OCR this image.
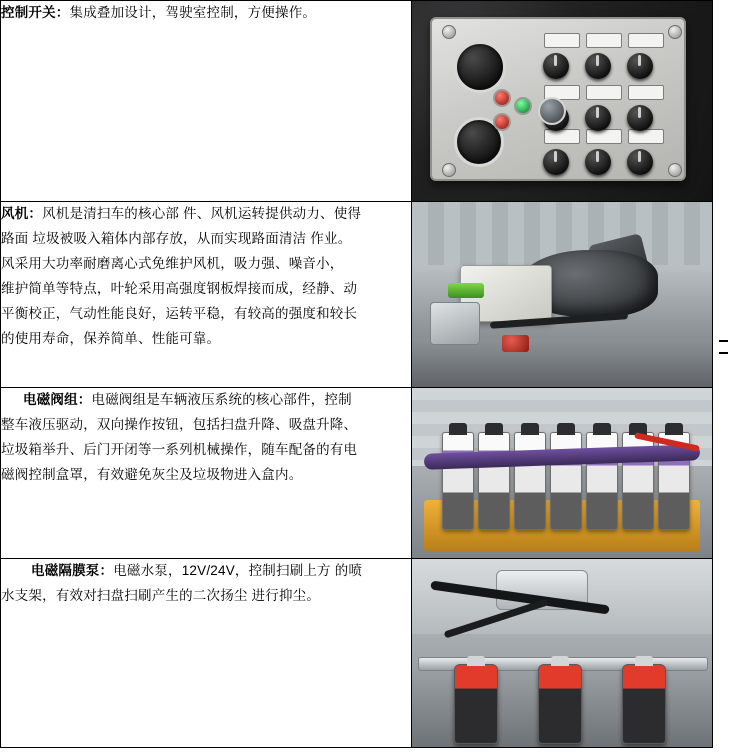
控制开关：集成叠加设计，驾驶室控制，方便操作。	

风机：风机是清扫车的核心部 件、风机运转提供动力、使得
路面 垃圾被吸入箱体内部存放，从而实现路面清洁 作业。
风采用大功率耐磨离心式免维护风机，吸力强、噪音小，
维护简单等特点，叶轮采用高强度钢板焊接而成，经静、动
平衡校正，气动性能良好，运转平稳，有较高的强度和较长
的使用寿命，保养简单、性能可靠。

电磁阀组：电磁阀组是车辆液压系统的核心部件，控制
整车液压驱动，双向操作按钮，包括扫盘升降、吸盘升降、
垃圾箱举升、后门开闭等一系列机械操作，随车配备的有电
磁阀控制盒罩，有效避免灰尘及垃圾物进入盒内。	

电磁隔膜泵：电磁水泵，12V/24V，控制扫刷上方 的喷
水支架，有效对扫盘扫刷产生的二次扬尘 进行抑尘。	
